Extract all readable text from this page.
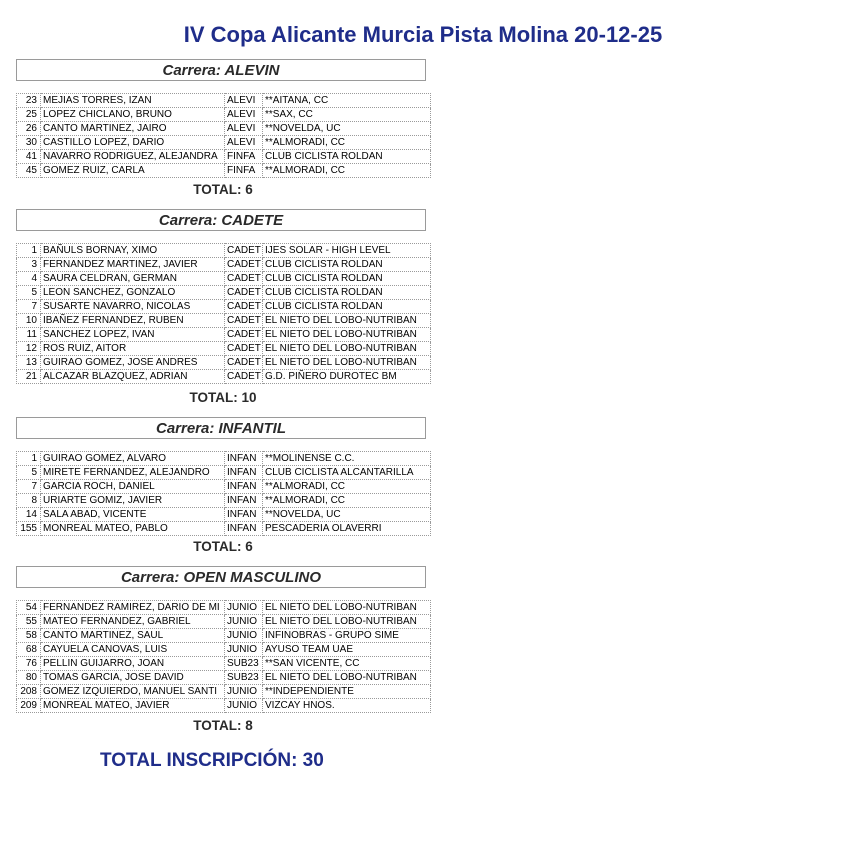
IV Copa Alicante Murcia Pista Molina 20-12-25
Carrera: ALEVIN
23	MEJIAS TORRES, IZAN	ALEVI	**AITANA, CC
25	LOPEZ CHICLANO, BRUNO	ALEVI	**SAX, CC
26	CANTO MARTINEZ, JAIRO	ALEVI	**NOVELDA, UC
30	CASTILLO LOPEZ, DARIO	ALEVI	**ALMORADI, CC
41	NAVARRO RODRIGUEZ, ALEJANDRA	FINFA	CLUB CICLISTA ROLDAN
45	GOMEZ RUIZ, CARLA	FINFA	**ALMORADI, CC
TOTAL: 6
Carrera: CADETE
1	BAÑULS BORNAY, XIMO	CADET	IJES SOLAR - HIGH LEVEL
3	FERNANDEZ MARTINEZ, JAVIER	CADET	CLUB CICLISTA ROLDAN
4	SAURA CELDRAN, GERMAN	CADET	CLUB CICLISTA ROLDAN
5	LEON SANCHEZ, GONZALO	CADET	CLUB CICLISTA ROLDAN
7	SUSARTE NAVARRO, NICOLAS	CADET	CLUB CICLISTA ROLDAN
10	IBAÑEZ FERNANDEZ, RUBEN	CADET	EL NIETO DEL LOBO-NUTRIBAN
11	SANCHEZ LOPEZ, IVAN	CADET	EL NIETO DEL LOBO-NUTRIBAN
12	ROS RUIZ, AITOR	CADET	EL NIETO DEL LOBO-NUTRIBAN
13	GUIRAO GOMEZ, JOSE ANDRES	CADET	EL NIETO DEL LOBO-NUTRIBAN
21	ALCAZAR BLAZQUEZ, ADRIAN	CADET	G.D. PIÑERO DUROTEC BM
TOTAL: 10
Carrera: INFANTIL
1	GUIRAO GOMEZ, ALVARO	INFAN	**MOLINENSE C.C.
5	MIRETE FERNANDEZ, ALEJANDRO	INFAN	CLUB CICLISTA ALCANTARILLA
7	GARCIA ROCH, DANIEL	INFAN	**ALMORADI, CC
8	URIARTE GOMIZ, JAVIER	INFAN	**ALMORADI, CC
14	SALA ABAD, VICENTE	INFAN	**NOVELDA, UC
155	MONREAL MATEO, PABLO	INFAN	PESCADERIA OLAVERRI
TOTAL: 6
Carrera: OPEN MASCULINO
54	FERNANDEZ RAMIREZ, DARIO DE MI	JUNIO	EL NIETO DEL LOBO-NUTRIBAN
55	MATEO FERNANDEZ, GABRIEL	JUNIO	EL NIETO DEL LOBO-NUTRIBAN
58	CANTO MARTINEZ, SAUL	JUNIO	INFINOBRAS - GRUPO SIME
68	CAYUELA CANOVAS, LUIS	JUNIO	AYUSO TEAM UAE
76	PELLIN GUIJARRO, JOAN	SUB23	**SAN VICENTE, CC
80	TOMAS GARCIA, JOSE DAVID	SUB23	EL NIETO DEL LOBO-NUTRIBAN
208	GOMEZ IZQUIERDO, MANUEL SANTI	JUNIO	**INDEPENDIENTE
209	MONREAL MATEO, JAVIER	JUNIO	VIZCAY HNOS.
TOTAL: 8
TOTAL INSCRIPCIÓN: 30
